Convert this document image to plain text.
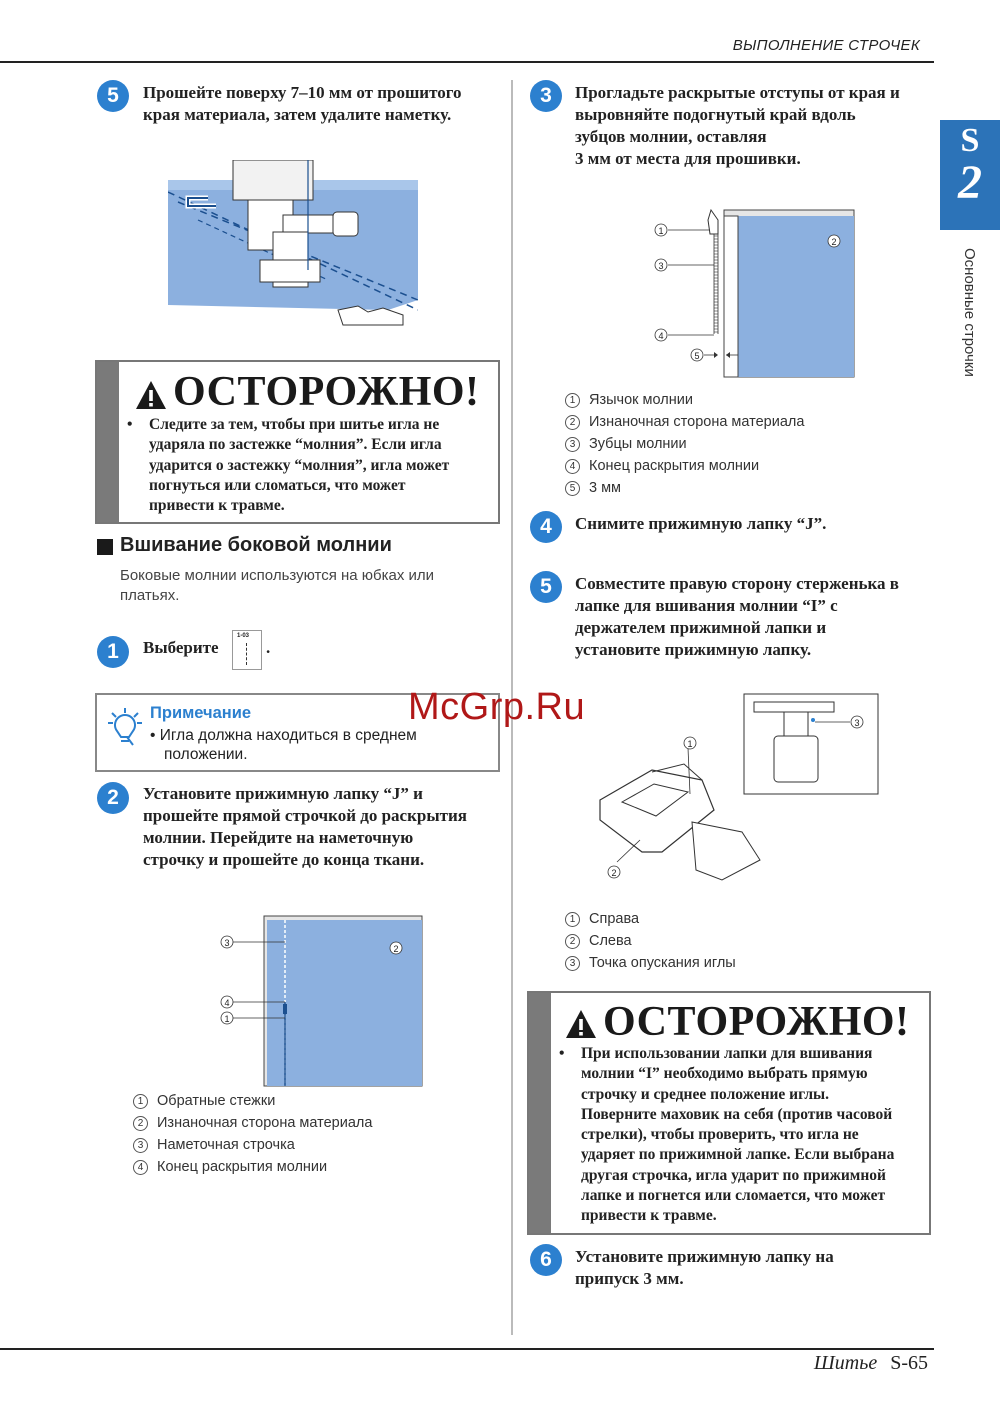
ВЫПОЛНЕНИЕ СТРОЧЕК
S
2
Основные строчки
5	Прошейте поверху 7–10 мм от прошитого
края материала, затем удалите наметку.
ОСТОРОЖНО!
• Следите за тем, чтобы при шитье игла не
ударяла по застежке “молния”. Если игла
ударится о застежку “молния”, игла может
погнуться или сломаться, что может
привести к травме.
Вшивание боковой молнии
Боковые молнии используются на юбках или
платьях.
1	Выберите
1-03
.
Примечание
• Игла должна находиться в среднем
положении.
2	Установите прижимную лапку “J” и
прошейте прямой строчкой до раскрытия
молнии. Перейдите на наметочную
строчку и прошейте до конца ткани.
3
4
1
2
1 Обратные стежки
2 Изнаночная сторона материала
3 Наметочная строчка
4 Конец раскрытия молнии
3	Прогладьте раскрытые отступы от края и
выровняйте подогнутый край вдоль
зубцов молнии, оставляя
3 мм от места для прошивки.
1
3
4
5
2
1 Язычок молнии
2 Изнаночная сторона материала
3 Зубцы молнии
4 Конец раскрытия молнии
5 3 мм
4	Снимите прижимную лапку “J”.
5	Совместите правую сторону стерженька в
лапке для вшивания молнии “I” с
держателем прижимной лапки и
установите прижимную лапку.
3
1
2
1 Справа
2 Слева
3 Точка опускания иглы
ОСТОРОЖНО!
• При использовании лапки для вшивания
молнии “I” необходимо выбрать прямую
строчку и среднее положение иглы.
Поверните маховик на себя (против часовой
стрелки), чтобы проверить, что игла не
ударяет по прижимной лапке. Если выбрана
другая строчка, игла ударит по прижимной
лапке и погнется или сломается, что может
привести к травме.
6	Установите прижимную лапку на
припуск 3 мм.
McGrp.Ru
Шитье S-65
